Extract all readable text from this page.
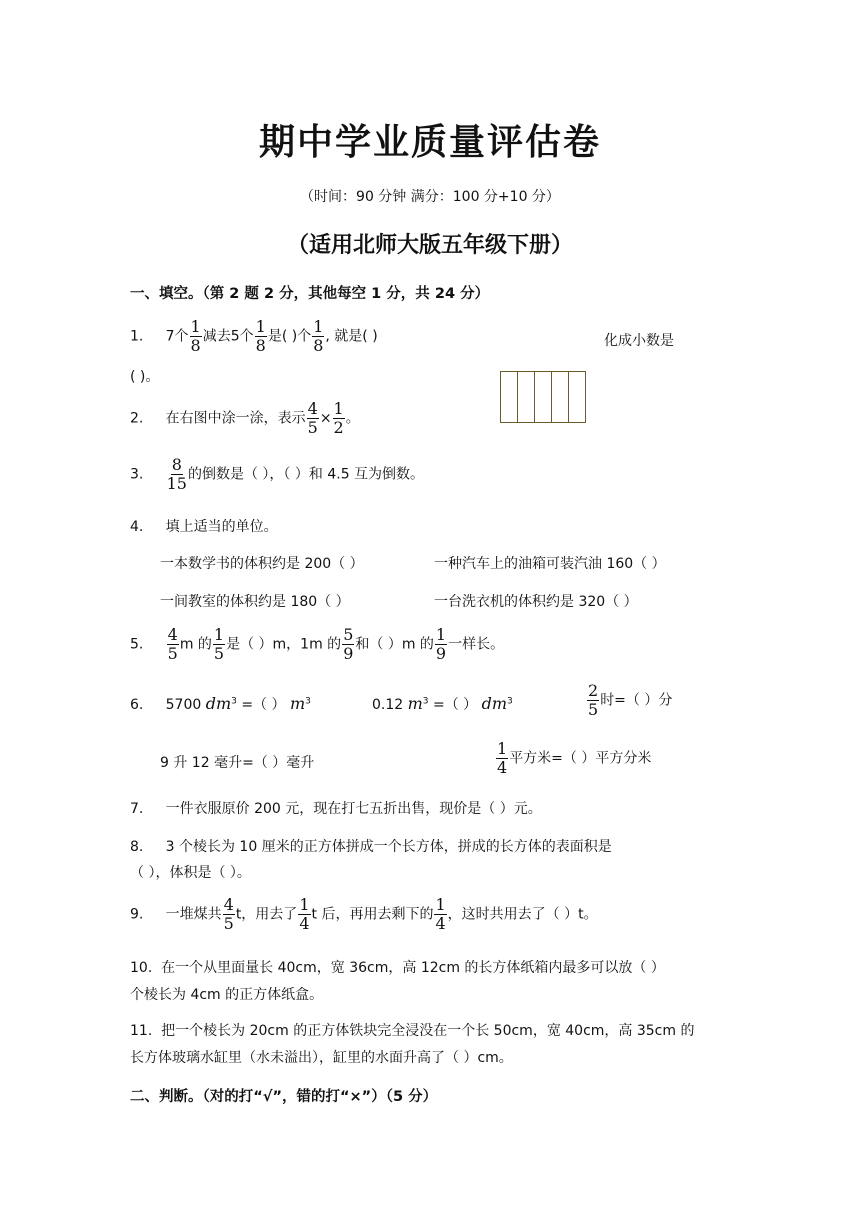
期中学业质量评估卷
（时间：90 分钟 满分：100 分+10 分）
（适用北师大版五年级下册）
一、填空。（第 2 题 2 分，其他每空 1 分，共 24 分）
1. 7个 $\frac{1}{8}$ 减去5个 $\frac{1}{8}$ 是( )个 $\frac{1}{8}$ , 就是( )	化成小数是
( )。
2. 在右图中涂一涂，表示 $\frac{4}{5} \times \frac{1}{2}$ 。
3. $\frac{8}{15}$ 的倒数是（ ），（ ）和 4.5 互为倒数。
4. 填上适当的单位。
一本数学书的体积约是 200（ ）	一种汽车上的油箱可装汽油 160（ ）
一间教室的体积约是 180（ ）	一台洗衣机的体积约是 320（ ）
5. $\frac{4}{5}$ m 的 $\frac{1}{5}$ 是（ ）m，1m 的 $\frac{5}{9}$ 和（ ）m 的 $\frac{1}{9}$ 一样长。
6. 5700 $dm^3$ =（ ） $m^3$	0.12 $m^3$ =（ ） $dm^3$	$\frac{2}{5}$ 时=（ ）分
9 升 12 毫升=（ ）毫升	$\frac{1}{4}$ 平方米=（ ）平方分米
7. 一件衣服原价 200 元，现在打七五折出售，现价是（ ）元。
8. 3 个棱长为 10 厘米的正方体拼成一个长方体，拼成的长方体的表面积是
（ ），体积是（ ）。
9. 一堆煤共 $\frac{4}{5}$ t，用去了 $\frac{1}{4}$ t 后，再用去剩下的 $\frac{1}{4}$ ，这时共用去了（ ）t。
10. 在一个从里面量长 40cm，宽 36cm，高 12cm 的长方体纸箱内最多可以放（ ）
个棱长为 4cm 的正方体纸盒。
11. 把一个棱长为 20cm 的正方体铁块完全浸没在一个长 50cm，宽 40cm，高 35cm 的
长方体玻璃水缸里（水未溢出），缸里的水面升高了（ ）cm。
二、判断。（对的打“√”，错的打“×”）（5 分）
